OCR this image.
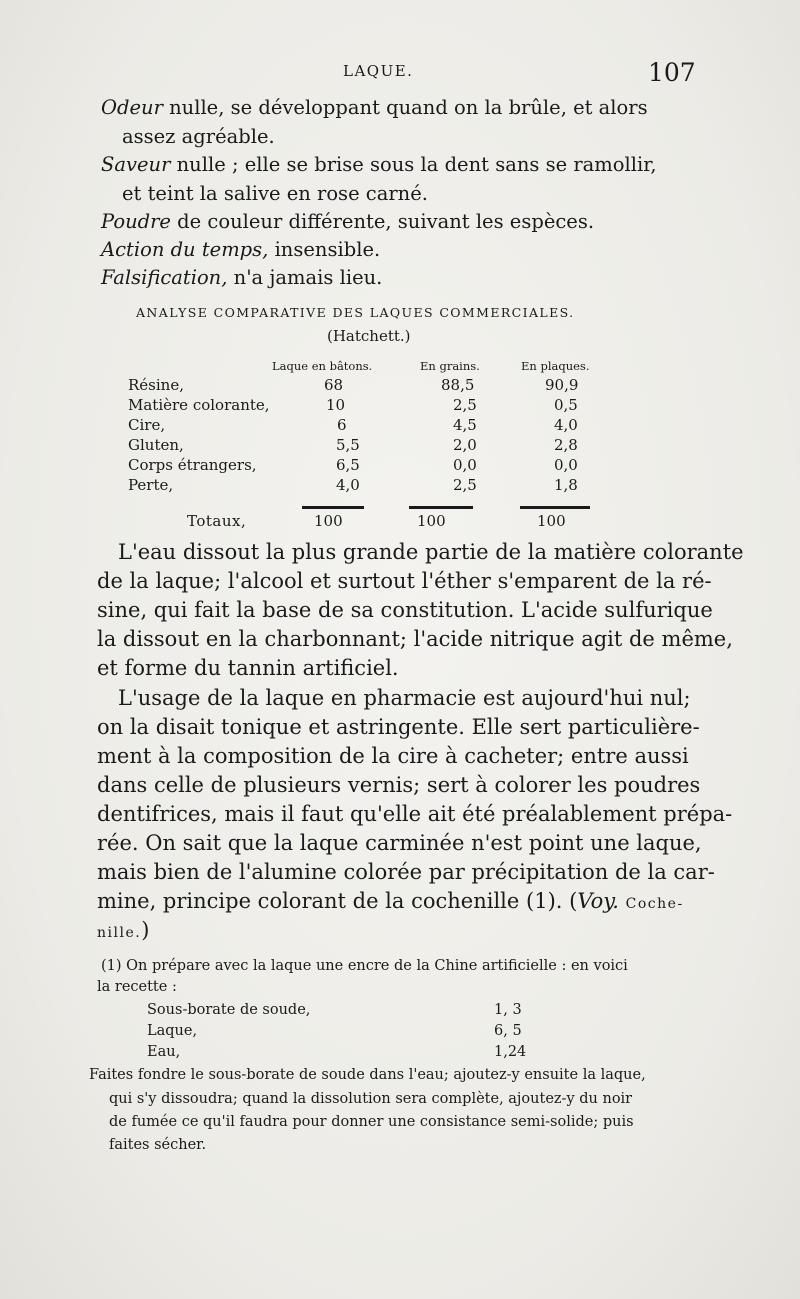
LAQUE.	107
Odeur nulle, se développant quand on la brûle, et alors
assez agréable.
Saveur nulle ; elle se brise sous la dent sans se ramollir,
et teint la salive en rose carné.
Poudre de couleur différente, suivant les espèces.
Action du temps, insensible.
Falsification, n'a jamais lieu.
ANALYSE COMPARATIVE DES LAQUES COMMERCIALES.
(Hatchett.)
Laque en bâtons.	En grains.	En plaques.
Résine,	68	88,5	90,9
Matière colorante,	10	2,5	0,5
Cire,	6	4,5	4,0
Gluten,	5,5	2,0	2,8
Corps étrangers,	6,5	0,0	0,0
Perte,	4,0	2,5	1,8
Totaux,	100	100	100
L'eau dissout la plus grande partie de la matière colorante
de la laque; l'alcool et surtout l'éther s'emparent de la ré-
sine, qui fait la base de sa constitution. L'acide sulfurique
la dissout en la charbonnant; l'acide nitrique agit de même,
et forme du tannin artificiel.
L'usage de la laque en pharmacie est aujourd'hui nul;
on la disait tonique et astringente. Elle sert particulière-
ment à la composition de la cire à cacheter; entre aussi
dans celle de plusieurs vernis; sert à colorer les poudres
dentifrices, mais il faut qu'elle ait été préalablement prépa-
rée. On sait que la laque carminée n'est point une laque,
mais bien de l'alumine colorée par précipitation de la car-
mine, principe colorant de la cochenille (1). (Voy. Coche-
nille.)
(1) On prépare avec la laque une encre de la Chine artificielle : en voici
la recette :
Sous-borate de soude,	1, 3
Laque,	6, 5
Eau,	1,24
Faites fondre le sous-borate de soude dans l'eau; ajoutez-y ensuite la laque,
qui s'y dissoudra; quand la dissolution sera complète, ajoutez-y du noir
de fumée ce qu'il faudra pour donner une consistance semi-solide; puis
faites sécher.
